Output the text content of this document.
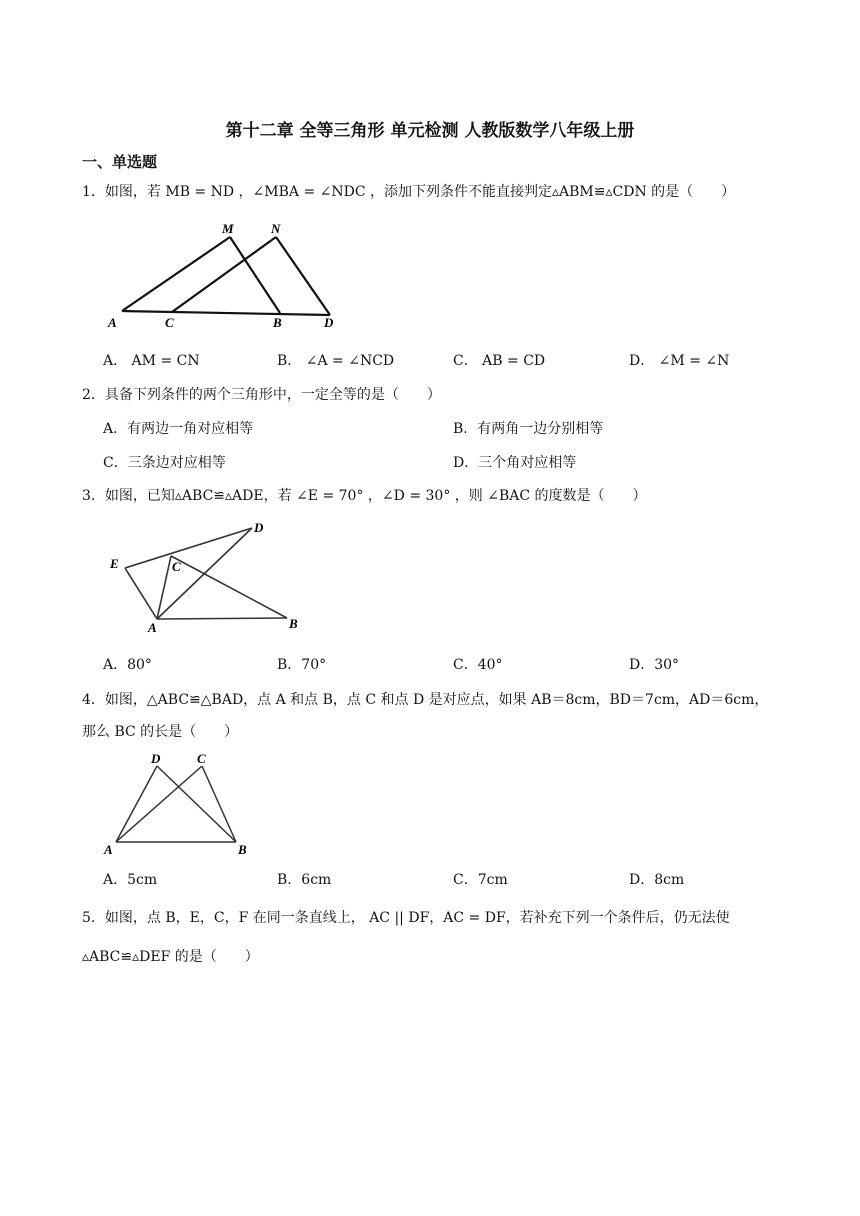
第十二章 全等三角形 单元检测 人教版数学八年级上册
一、单选题
1．如图，若 MB = ND ，∠MBA = ∠NDC ，添加下列条件不能直接判定▵ABM≌▵CDN 的是（　　）
M	N
A	C	B	D
A． AM = CN	B． ∠A = ∠NCD	C． AB = CD	D． ∠M = ∠N
2．具备下列条件的两个三角形中，一定全等的是（　　）
A．有两边一角对应相等	B．有两角一边分别相等
C．三条边对应相等	D．三个角对应相等
3．如图，已知▵ABC≌▵ADE，若 ∠E = 70° ，∠D = 30° ，则 ∠BAC 的度数是（　　）
D
E	C
A	B
A．80°	B．70°	C．40°	D．30°
4．如图，△ABC≌△BAD，点 A 和点 B，点 C 和点 D 是对应点，如果 AB＝8cm，BD＝7cm，AD＝6cm，
那么 BC 的长是（　　）
D	C
A	B
A．5cm	B．6cm	C．7cm	D．8cm
5．如图，点 B，E，C，F 在同一条直线上， AC || DF，AC = DF，若补充下列一个条件后，仍无法使
▵ABC≌▵DEF 的是（　　）
